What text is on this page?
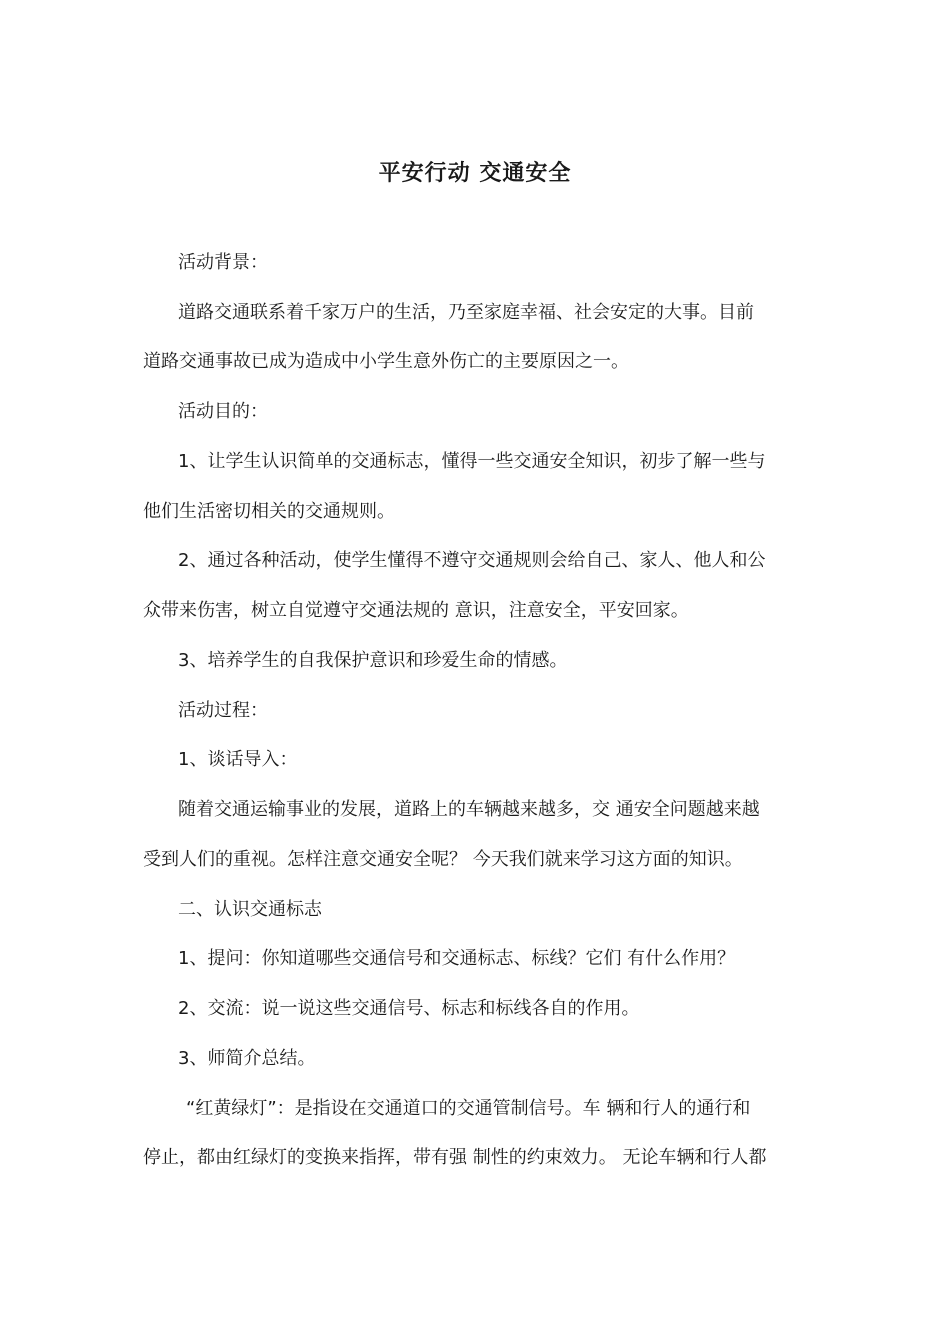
平安行动 交通安全

活动背景：

道路交通联系着千家万户的生活，乃至家庭幸福、社会安定的大事。目前

道路交通事故已成为造成中小学生意外伤亡的主要原因之一。

活动目的：

1、让学生认识简单的交通标志，懂得一些交通安全知识，初步了解一些与

他们生活密切相关的交通规则。

2、通过各种活动，使学生懂得不遵守交通规则会给自己、家人、他人和公

众带来伤害，树立自觉遵守交通法规的 意识，注意安全，平安回家。

3、培养学生的自我保护意识和珍爱生命的情感。

活动过程：

1、谈话导入：

随着交通运输事业的发展，道路上的车辆越来越多，交 通安全问题越来越

受到人们的重视。怎样注意交通安全呢？ 今天我们就来学习这方面的知识。

二、认识交通标志

1、提问：你知道哪些交通信号和交通标志、标线？它们 有什么作用？

2、交流：说一说这些交通信号、标志和标线各自的作用。

3、师简介总结。

“红黄绿灯”：是指设在交通道口的交通管制信号。车 辆和行人的通行和

停止，都由红绿灯的变换来指挥，带有强 制性的约束效力。 无论车辆和行人都
